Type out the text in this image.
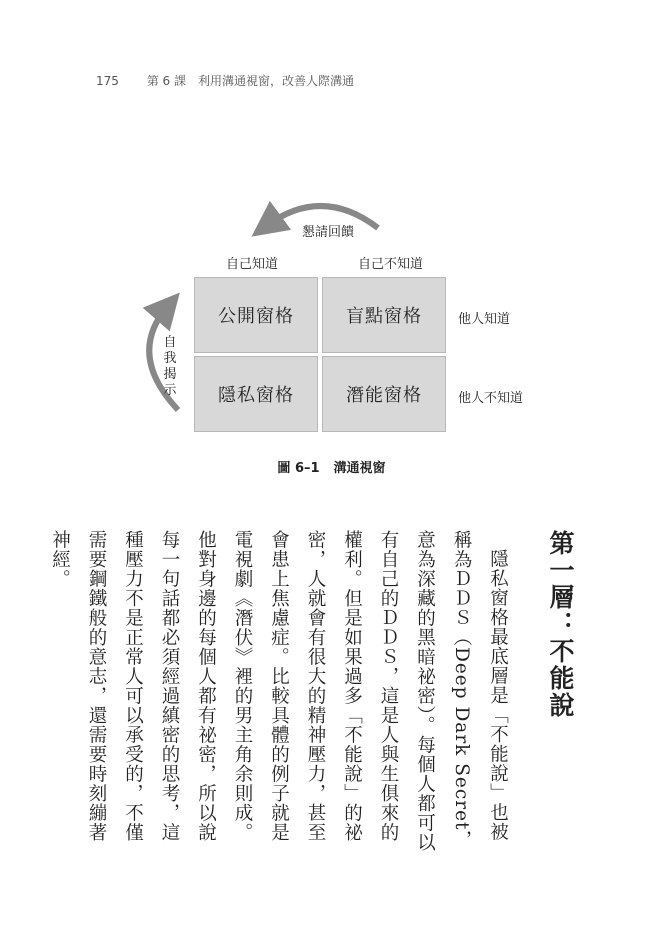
175 第 6 課　利用溝通視窗，改善人際溝通
懇請回饋
自我揭示
自己知道	自己不知道
公開窗格	盲點窗格
隱私窗格	潛能窗格
他人知道
他人不知道
圖 6–1 溝通視窗
第一層：不能說

隱私窗格最底層是「不能說」也被稱為ＤＤＳ（Deep Dark Secret，意為深藏的黑暗祕密）。每個人都可以有自己的ＤＤＳ，這是人與生俱來的權利。但是如果過多「不能說」的祕密，人就會有很大的精神壓力，甚至會患上焦慮症。比較具體的例子就是電視劇《潛伏》裡的男主角余則成。他對身邊的每個人都有祕密，所以說每一句話都必須經過縝密的思考，這種壓力不是正常人可以承受的，不僅需要鋼鐵般的意志，還需要時刻繃著神經。
